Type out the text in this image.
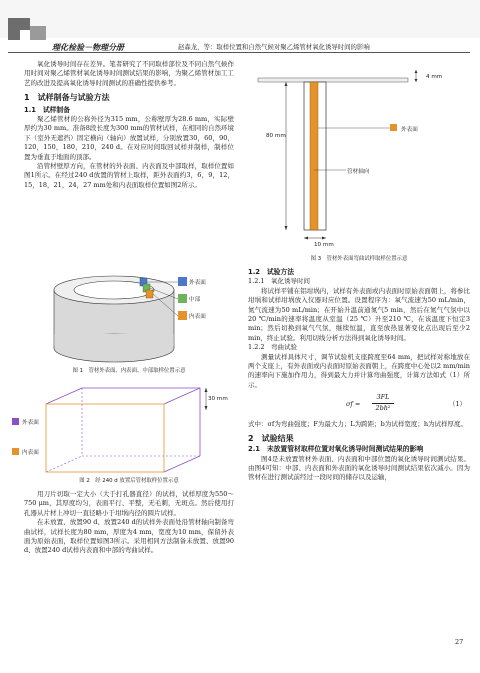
理化检验－物理分册	赵森龙，等：取样位置和自然气候对聚乙烯管材氧化诱导时间的影响

氧化诱导时间存在差异。笔者研究了不同取样部位及不同自然气候作用时间对聚乙烯管材氧化诱导时间测试结果的影响，为聚乙烯管材加工工艺的改进及提高氧化诱导时间测试的准确性提供参考。

1　试样制备与试验方法
1.1　试样制备

聚乙烯管材的公称外径为315 mm，公称壁厚为28.6 mm，实际壁厚约为30 mm。准备8段长度为300 mm的管材试样，在相同的自然环境下（室外无遮挡）固定横向（轴向）放置试样，分别放置30，60，90，120，150，180，210，240 d。在对应时间取回试样并制样，制样位置为垂直于地面的顶部。

沿管材壁厚方向，在管材的外表面、内表面及中部取样，取样位置如图1所示。在经过240 d放置的管材上取样，距外表面约3，6，9，12，15，18，21，24，27 mm处和内表面取样位置如图2所示。

外表面
中部
内表面
图 1　管材外表面、内表面、中部取样位置示意
外表面
内表面
30 mm
图 2　经 240 d 放置后管材取样位置示意

用刀片切取一定大小（大于打孔器直径）的试样，试样厚度为550～750 μm，其厚度均匀，表面平行、平整，无毛刺，无斑点。然后使用打孔器从片材上冲切一直径略小于坩埚内径的圆片试样。

在未放置、放置90 d、放置240 d的试样外表面处沿管材轴向制备弯曲试样，试样长度为80 mm，厚度为4 mm，宽度为10 mm，保留外表面为原始表面，取样位置如图3所示。采用相同方法制备未放置、放置90 d、放置240 d试样内表面和中部的弯曲试样。

4 mm
80 mm
10 mm
外表面
管材轴向
图 3　管材外表面弯曲试样取样位置示意
1.2　试验方法
1.2.1　氧化诱导时间

将试样平铺在铝坩埚内，试样有外表面或内表面时原始表面朝上，将参比坩埚和试样坩埚放入仪器对应位置。设置程序为：氧气流速为50 mL/min，氮气流速为50 mL/min；在开始升温前通氮气5 min，然后在氮气气氛中以20 ℃/min的速率将温度从室温（25 ℃）升至210 ℃，在该温度下恒定3 min；然后切换到氧气气氛，继续恒温，直至放热显著变化点出现后至少2 min，终止试验。利用切线分析方法得到氧化诱导时间。

1.2.2　弯曲试验

测量试样具体尺寸，调节试验机支座跨度至64 mm，把试样对称地放在两个支座上，有外表面或内表面时原始表面朝上，在跨度中心处以2 mm/min的速率向下施加作用力，得到最大力并计算弯曲强度，计算方法如式（1）所示。

σf =
3FL
2bh²	（1）

式中：σf为弯曲强度；F为最大力；L为跨距；b为试样宽度；h为试样厚度。

2　试验结果
2.1　未放置管材取样位置对氧化诱导时间测试结果的影响

图4是未放置管材外表面、内表面和中部位置的氧化诱导时间测试结果。由图4可知：中部、内表面和外表面的氧化诱导时间测试结果依次减小。因为管材在进行测试前经过一段时间的储存以及运输，

27
